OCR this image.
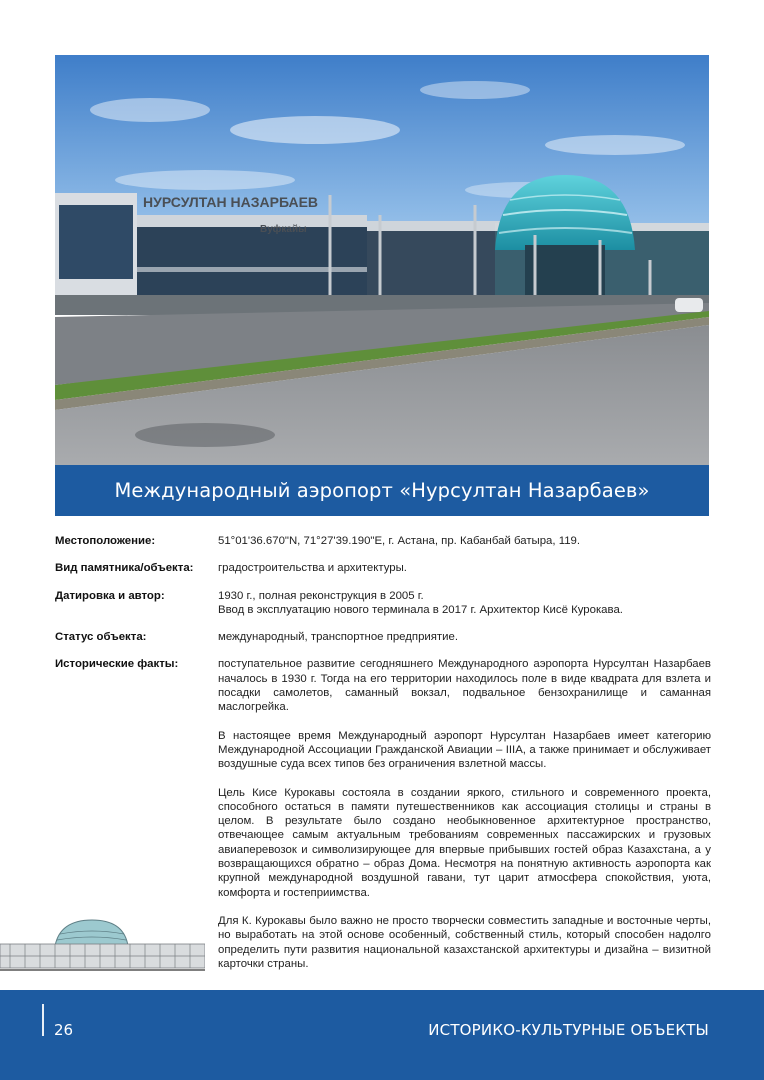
НУРСУЛТАН НАЗАРБАЕВ
Вуфкайы
Международный аэропорт «Нурсултан Назарбаев»
Местоположение:	51°01'36.670"N, 71°27'39.190"E, г. Астана, пр. Кабанбай батыра, 119.
Вид памятника/объекта:	градостроительства и архитектуры.
Датировка и автор:	1930 г., полная реконструкция в 2005 г.
Ввод в эксплуатацию нового терминала в 2017 г. Архитектор Кисё Курокава.
Статус объекта:	международный, транспортное предприятие.
Исторические факты:	поступательное развитие сегодняшнего Международного аэропорта Нурсултан Назарбаев началось в 1930 г. Тогда на его территории находилось поле в виде квадрата для взлета и посадки самолетов, саманный вокзал, подвальное бензохранилище и саманная маслогрейка.

В настоящее время Международный аэропорт Нурсултан Назарбаев имеет категорию Международной Ассоциации Гражданской Авиации – IIIA, а также принимает и обслуживает воздушные суда всех типов без ограничения взлетной массы.

Цель Кисе Курокавы состояла в создании яркого, стильного и современного проекта, способного остаться в памяти путешественников как ассоциация столицы и страны в целом. В результате было создано необыкновенное архитектурное пространство, отвечающее самым актуальным требованиям современных пассажирских и грузовых авиаперевозок и символизирующее для впервые прибывших гостей образ Казахстана, а у возвращающихся обратно – образ Дома. Несмотря на понятную активность аэропорта как крупной международной воздушной гавани, тут царит атмосфера спокойствия, уюта, комфорта и гостеприимства.

Для К. Курокавы было важно не просто творчески совместить западные и восточные черты, но выработать на этой основе особенный, собственный стиль, который способен надолго определить пути развития национальной казахстанской архитектуры и дизайна – визитной карточки страны.

26	ИСТОРИКО-КУЛЬТУРНЫЕ ОБЪЕКТЫ
